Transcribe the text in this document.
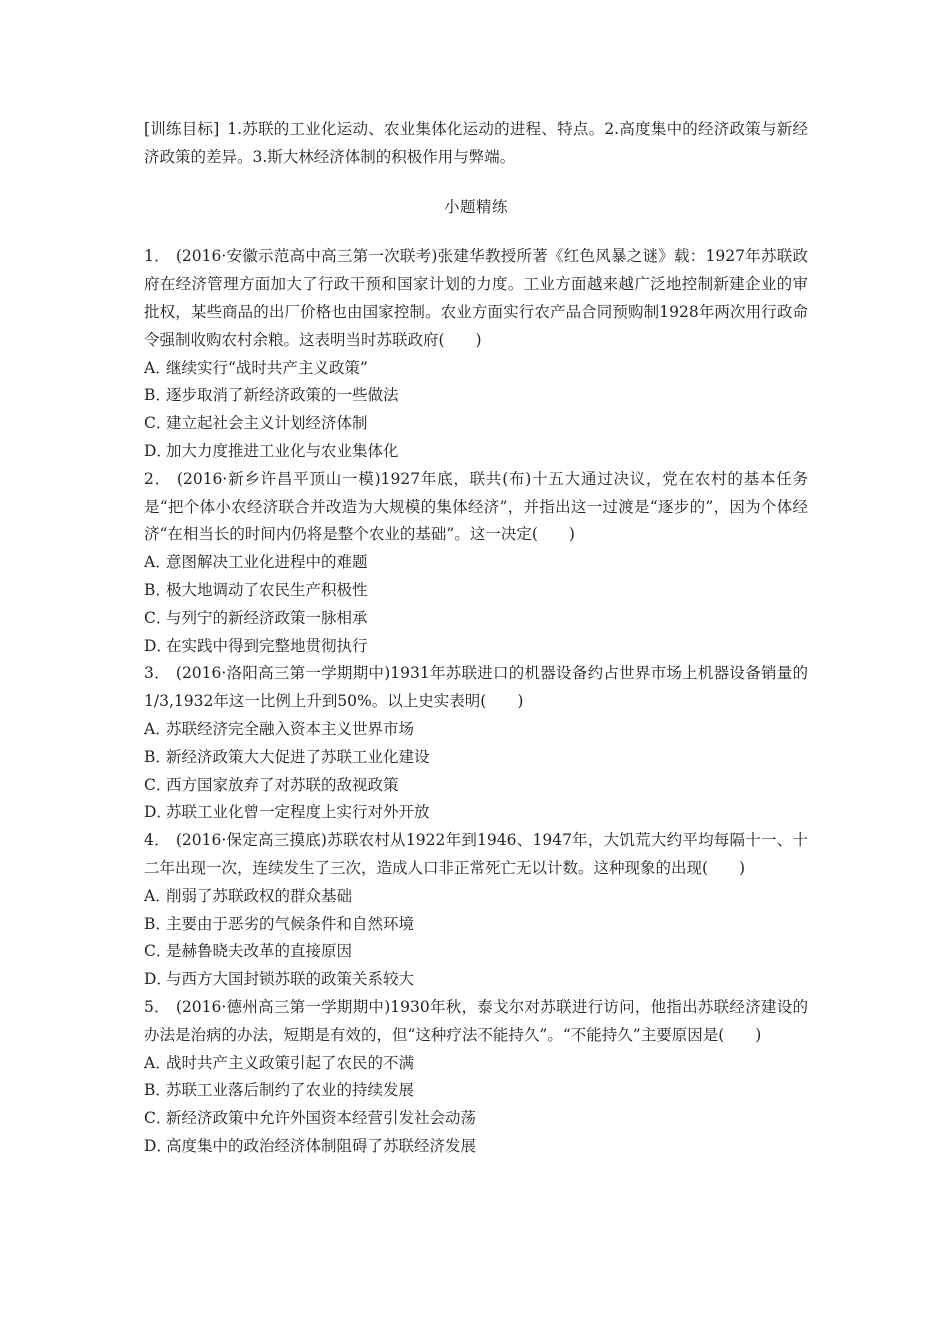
[训练目标] 1.苏联的工业化运动、农业集体化运动的进程、特点。2.高度集中的经济政策与新经济政策的差异。3.斯大林经济体制的积极作用与弊端。

小题精练

1． (2016·安徽示范高中高三第一次联考)张建华教授所著《红色风暴之谜》载：1927年苏联政府在经济管理方面加大了行政干预和国家计划的力度。工业方面越来越广泛地控制新建企业的审批权，某些商品的出厂价格也由国家控制。农业方面实行农产品合同预购制1928年两次用行政命令强制收购农村余粮。这表明当时苏联政府(　　)

A．继续实行“战时共产主义政策”

B．逐步取消了新经济政策的一些做法

C．建立起社会主义计划经济体制

D．加大力度推进工业化与农业集体化

2． (2016·新乡许昌平顶山一模)1927年底，联共(布)十五大通过决议，党在农村的基本任务是“把个体小农经济联合并改造为大规模的集体经济”，并指出这一过渡是“逐步的”，因为个体经济“在相当长的时间内仍将是整个农业的基础”。这一决定(　　)

A．意图解决工业化进程中的难题

B．极大地调动了农民生产积极性

C．与列宁的新经济政策一脉相承

D．在实践中得到完整地贯彻执行

3． (2016·洛阳高三第一学期期中)1931年苏联进口的机器设备约占世界市场上机器设备销量的1/3,1932年这一比例上升到50%。以上史实表明(　　)

A．苏联经济完全融入资本主义世界市场

B．新经济政策大大促进了苏联工业化建设

C．西方国家放弃了对苏联的敌视政策

D．苏联工业化曾一定程度上实行对外开放

4． (2016·保定高三摸底)苏联农村从1922年到1946、1947年，大饥荒大约平均每隔十一、十二年出现一次，连续发生了三次，造成人口非正常死亡无以计数。这种现象的出现(　　)

A．削弱了苏联政权的群众基础

B．主要由于恶劣的气候条件和自然环境

C．是赫鲁晓夫改革的直接原因

D．与西方大国封锁苏联的政策关系较大

5． (2016·德州高三第一学期期中)1930年秋，泰戈尔对苏联进行访问，他指出苏联经济建设的办法是治病的办法，短期是有效的，但“这种疗法不能持久”。“不能持久”主要原因是(　　)

A．战时共产主义政策引起了农民的不满

B．苏联工业落后制约了农业的持续发展

C．新经济政策中允许外国资本经营引发社会动荡

D．高度集中的政治经济体制阻碍了苏联经济发展
